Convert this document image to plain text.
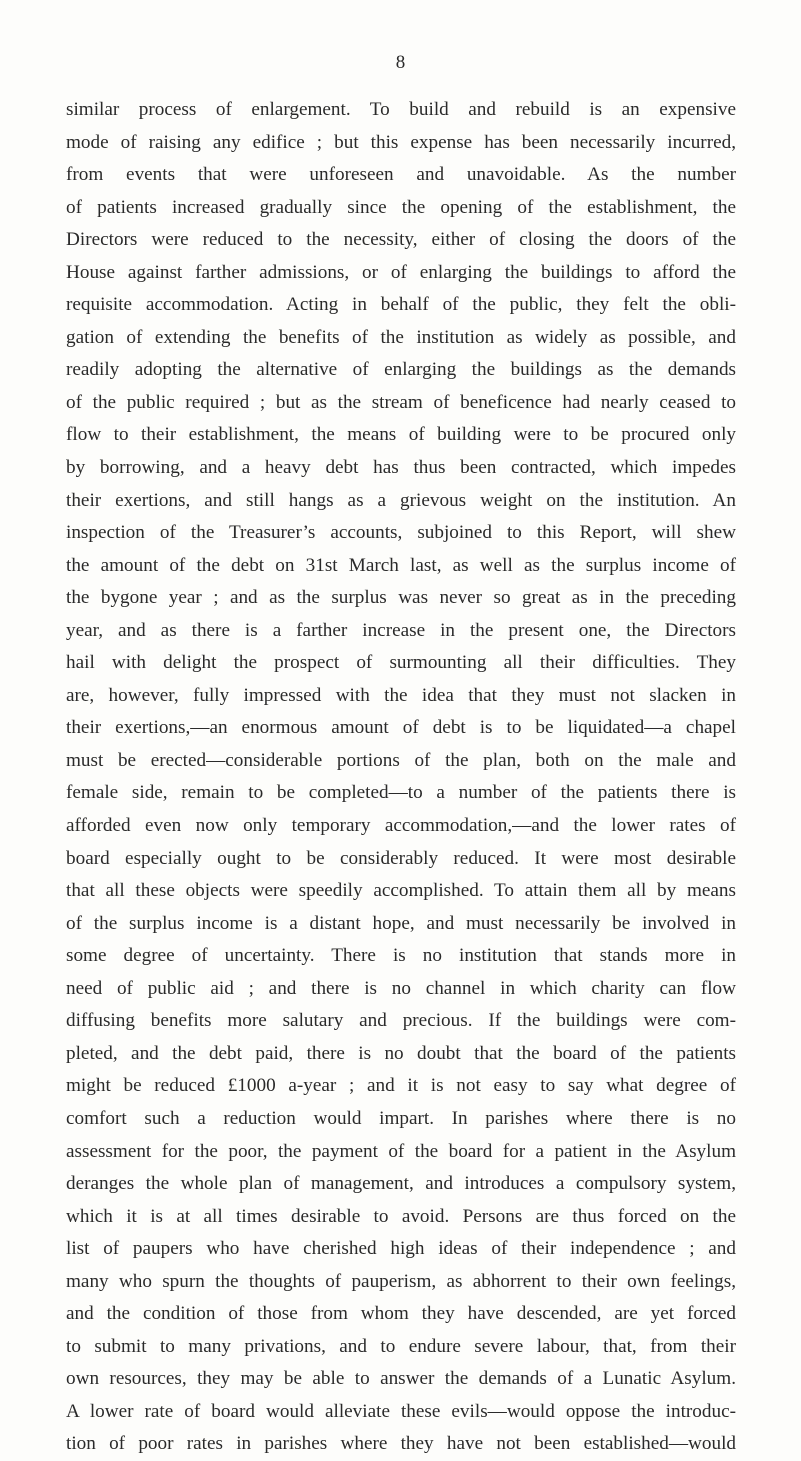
8
similar process of enlargement. To build and rebuild is an expensive
mode of raising any edifice ; but this expense has been necessarily incurred,
from events that were unforeseen and unavoidable. As the number
of patients increased gradually since the opening of the establishment, the
Directors were reduced to the necessity, either of closing the doors of the
House against farther admissions, or of enlarging the buildings to afford the
requisite accommodation. Acting in behalf of the public, they felt the obli-
gation of extending the benefits of the institution as widely as possible, and
readily adopting the alternative of enlarging the buildings as the demands
of the public required ; but as the stream of beneficence had nearly ceased to
flow to their establishment, the means of building were to be procured only
by borrowing, and a heavy debt has thus been contracted, which impedes
their exertions, and still hangs as a grievous weight on the institution. An
inspection of the Treasurer’s accounts, subjoined to this Report, will shew
the amount of the debt on 31st March last, as well as the surplus income of
the bygone year ; and as the surplus was never so great as in the preceding
year, and as there is a farther increase in the present one, the Directors
hail with delight the prospect of surmounting all their difficulties. They
are, however, fully impressed with the idea that they must not slacken in
their exertions,—an enormous amount of debt is to be liquidated—a chapel
must be erected—considerable portions of the plan, both on the male and
female side, remain to be completed—to a number of the patients there is
afforded even now only temporary accommodation,—and the lower rates of
board especially ought to be considerably reduced. It were most desirable
that all these objects were speedily accomplished. To attain them all by means
of the surplus income is a distant hope, and must necessarily be involved in
some degree of uncertainty. There is no institution that stands more in
need of public aid ; and there is no channel in which charity can flow
diffusing benefits more salutary and precious. If the buildings were com-
pleted, and the debt paid, there is no doubt that the board of the patients
might be reduced £1000 a-year ; and it is not easy to say what degree of
comfort such a reduction would impart. In parishes where there is no
assessment for the poor, the payment of the board for a patient in the Asylum
deranges the whole plan of management, and introduces a compulsory system,
which it is at all times desirable to avoid. Persons are thus forced on the
list of paupers who have cherished high ideas of their independence ; and
many who spurn the thoughts of pauperism, as abhorrent to their own feelings,
and the condition of those from whom they have descended, are yet forced
to submit to many privations, and to endure severe labour, that, from their
own resources, they may be able to answer the demands of a Lunatic Asylum.
A lower rate of board would alleviate these evils—would oppose the introduc-
tion of poor rates in parishes where they have not been established—would
